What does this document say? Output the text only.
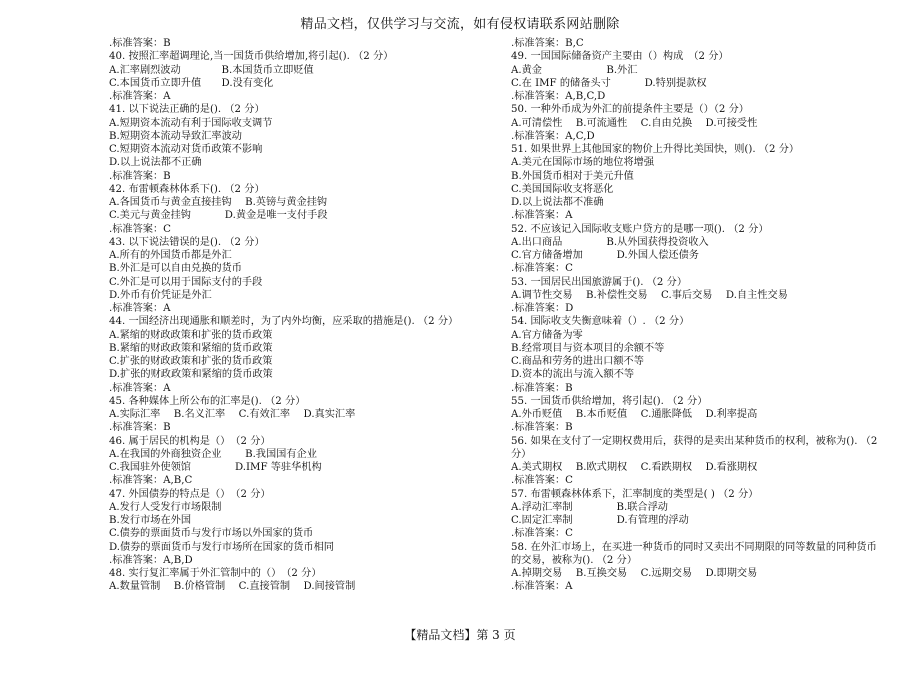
精品文档，仅供学习与交流，如有侵权请联系网站删除
.标准答案：B
40. 按照汇率超调理论,当一国货币供给增加,将引起(). （2 分）
A.汇率剧烈波动　　　　B.本国货币立即贬值
C.本国货币立即升值　　D.没有变化
.标准答案：A
41. 以下说法正确的是(). （2 分）
A.短期资本流动有利于国际收支调节
B.短期资本流动导致汇率波动
C.短期资本流动对货币政策不影响
D.以上说法都不正确
.标准答案：B
42. 布雷顿森林体系下(). （2 分）
A.各国货币与黄金直接挂钩　 B.英镑与黄金挂钩
C.美元与黄金挂钩　　　 D.黄金是唯一支付手段
.标准答案：C
43. 以下说法错误的是(). （2 分）
A.所有的外国货币都是外汇
B.外汇是可以自由兑换的货币
C.外汇是可以用于国际支付的手段
D.外币有价凭证是外汇
.标准答案：A
44. 一国经济出现通胀和顺差时，为了内外均衡，应采取的措施是(). （2 分）
A.紧缩的财政政策和扩张的货币政策
B.紧缩的财政政策和紧缩的货币政策
C.扩张的财政政策和扩张的货币政策
D.扩张的财政政策和紧缩的货币政策
.标准答案：A
45. 各种媒体上所公布的汇率是(). （2 分）
A.实际汇率　 B.名义汇率　 C.有效汇率　 D.真实汇率
.标准答案：B
46. 属于居民的机构是（）　（2 分）
A.在我国的外商独资企业　　 B.我国国有企业
C.我国驻外使领馆　　　　 D.IMF 等驻华机构
.标准答案：A,B,C
47. 外国债券的特点是（）　（2 分）
A.发行人受发行市场限制
B.发行市场在外国
C.债券的票面货币与发行市场以外国家的货币
D.债券的票面货币与发行市场所在国家的货币相同
.标准答案：A,B,D
48. 实行复汇率属于外汇管制中的（）　（2 分）
A.数量管制　 B.价格管制　 C.直接管制　 D.间接管制
.标准答案：B,C
49. 一国国际储备资产主要由（）构成　（2 分）
A.黄金　　　　　　 B.外汇
C.在 IMF 的储备头寸　　　 D.特别提款权
.标准答案：A,B,C,D
50. 一种外币成为外汇的前提条件主要是（）（2 分）
A.可清偿性　 B.可流通性　 C.自由兑换　 D.可接受性
.标准答案：A,C,D
51. 如果世界上其他国家的物价上升得比美国快，则(). （2 分）
A.美元在国际市场的地位将增强
B.外国货币相对于美元升值
C.美国国际收支将恶化
D.以上说法都不准确
.标准答案：A
52. 不应该记入国际收支账户贷方的是哪一项(). （2 分）
A.出口商品　　　　 B.从外国获得投资收入
C.官方储备增加　　　 D.外国人偿还债务
.标准答案：C
53. 一国居民出国旅游属于(). （2 分）
A.调节性交易　 B.补偿性交易　 C.事后交易　 D.自主性交易
.标准答案：D
54. 国际收支失衡意味着（）. （2 分）
A.官方储备为零
B.经常项目与资本项目的余额不等
C.商品和劳务的进出口额不等
D.资本的流出与流入额不等
.标准答案：B
55. 一国货币供给增加，将引起(). （2 分）
A.外币贬值　 B.本币贬值　 C.通胀降低　 D.利率提高
.标准答案：B
56. 如果在支付了一定期权费用后，获得的是卖出某种货币的权利，被称为(). （2 分）
A.美式期权　 B.欧式期权　 C.看跌期权　 D.看涨期权
.标准答案：C
57. 布雷顿森林体系下，汇率制度的类型是( ) （2 分）
A.浮动汇率制　　　　 B.联合浮动
C.固定汇率制　　　　 D.有管理的浮动
.标准答案：C
58. 在外汇市场上，在买进一种货币的同时又卖出不同期限的同等数量的同种货币的交易，被称为(). （2 分）
A.掉期交易　 B.互换交易　 C.远期交易　 D.即期交易
.标准答案：A
【精品文档】第 3 页
